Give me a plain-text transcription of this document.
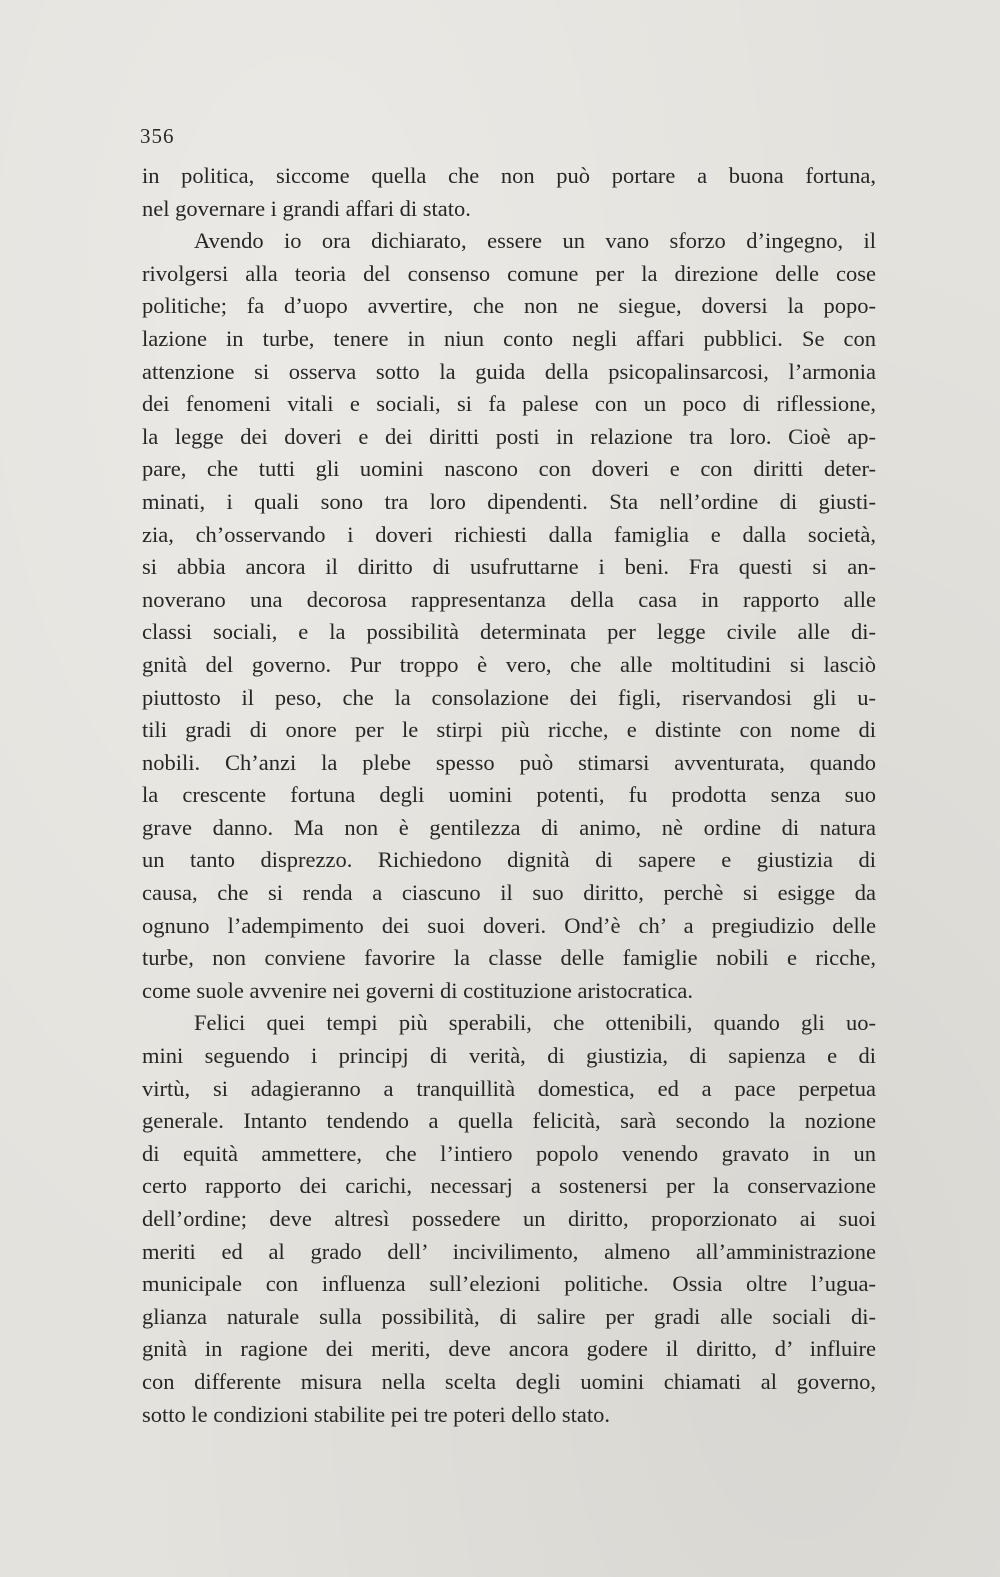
356
in politica, siccome quella che non può portare a buona fortuna,
nel governare i grandi affari di stato.
Avendo io ora dichiarato, essere un vano sforzo d’ingegno, il
rivolgersi alla teoria del consenso comune per la direzione delle cose
politiche; fa d’uopo avvertire, che non ne siegue, doversi la popo-
lazione in turbe, tenere in niun conto negli affari pubblici. Se con
attenzione si osserva sotto la guida della psicopalinsarcosi, l’armonia
dei fenomeni vitali e sociali, si fa palese con un poco di riflessione,
la legge dei doveri e dei diritti posti in relazione tra loro. Cioè ap-
pare, che tutti gli uomini nascono con doveri e con diritti deter-
minati, i quali sono tra loro dipendenti. Sta nell’ordine di giusti-
zia, ch’osservando i doveri richiesti dalla famiglia e dalla società,
si abbia ancora il diritto di usufruttarne i beni. Fra questi si an-
noverano una decorosa rappresentanza della casa in rapporto alle
classi sociali, e la possibilità determinata per legge civile alle di-
gnità del governo. Pur troppo è vero, che alle moltitudini si lasciò
piuttosto il peso, che la consolazione dei figli, riservandosi gli u-
tili gradi di onore per le stirpi più ricche, e distinte con nome di
nobili. Ch’anzi la plebe spesso può stimarsi avventurata, quando
la crescente fortuna degli uomini potenti, fu prodotta senza suo
grave danno. Ma non è gentilezza di animo, nè ordine di natura
un tanto disprezzo. Richiedono dignità di sapere e giustizia di
causa, che si renda a ciascuno il suo diritto, perchè si esigge da
ognuno l’adempimento dei suoi doveri. Ond’è ch’ a pregiudizio delle
turbe, non conviene favorire la classe delle famiglie nobili e ricche,
come suole avvenire nei governi di costituzione aristocratica.
Felici quei tempi più sperabili, che ottenibili, quando gli uo-
mini seguendo i principj di verità, di giustizia, di sapienza e di
virtù, si adagieranno a tranquillità domestica, ed a pace perpetua
generale. Intanto tendendo a quella felicità, sarà secondo la nozione
di equità ammettere, che l’intiero popolo venendo gravato in un
certo rapporto dei carichi, necessarj a sostenersi per la conservazione
dell’ordine; deve altresì possedere un diritto, proporzionato ai suoi
meriti ed al grado dell’ incivilimento, almeno all’amministrazione
municipale con influenza sull’elezioni politiche. Ossia oltre l’ugua-
glianza naturale sulla possibilità, di salire per gradi alle sociali di-
gnità in ragione dei meriti, deve ancora godere il diritto, d’ influire
con differente misura nella scelta degli uomini chiamati al governo,
sotto le condizioni stabilite pei tre poteri dello stato.
